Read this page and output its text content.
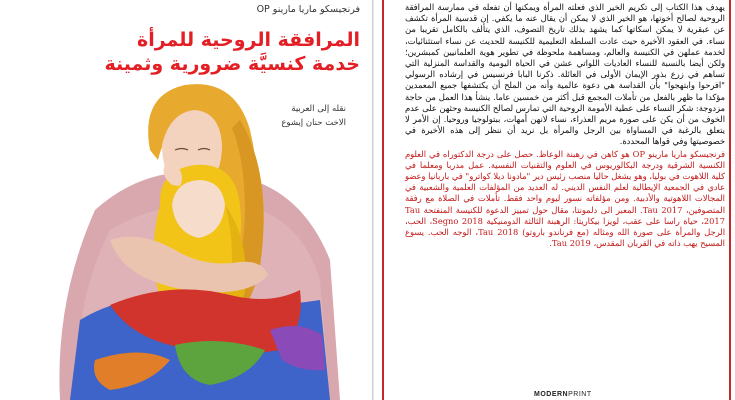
فرنجيسكو ماريا مارينو OP
المرافقة الروحية للمرأة
خدمة كنسيَّة ضرورية وثمينة
نقله إلى العربية
الاخت حنان إيشوع

يهدف هذا الكتاب إلى تكريم الخير الذي فعلته المرأة ويمكنها أن تفعله في ممارسة المرافقة الروحية لصالح أخوتها، هو الخير الذي لا يمكن أن يقال عنه ما يكفي. إن قدسية المرأة تكشف عن عبقرية لا يمكن اسكاتها كما يشهد بذلك تاريخ التصوف، الذي يتألف بالكامل تقريبا من نساء. في العقود الأخيرة حيث عادت السلطة التعليمية للكنيسة للحديث عن نساء استثنائيات، لخدمة عملهن في الكنيسة والعالم، ومساهمة ملحوظة في تطوير هوية العلمانيين كمبشرين؛ ولكن أيضا بالنسبة للنساء العاديات اللواتي عشن في الحياة اليومية والقداسة المنزلية التي تساهم في زرع بذور الإيمان الأولى في العائلة. ذكرنا البابا فرنسيس في إرشاده الرسولي "افرحوا وابتهجوا" بأن القداسة هي دعوة عالمية وأنه من الملح أن يكتشفها جميع المعمدين مؤكدا ما ظهر بالفعل من تأملات المجمع قبل أكثر من خمسين عاما. ينشأ هذا العمل من حاجة مزدوجة: شكر النساء على عطية الأمومة الروحية التي تمارس لصالح الكنيسة وحثهن على عدم الخوف من أن يكن على صورة مريم العذراء، نساء لانهن أمهات، ببتولوجيا وروحيا. إن الأمر لا يتعلق بالرغبة في المساواة بين الرجل والمرأة بل نريد أن ننظر إلى هذه الأخيرة في خصوصيتها وفي قواها المحددة.

فرنجيسكو ماريا مارينو OP هو كاهن في رهبنة الوعاظ. حصل على درجة الدكتوراه في العلوم الكنسية الشرقية ودرجة البكالوريوس في العلوم والتقنيات النفسية. عمل مدربا ومعلما في كلية اللاهوت في بوليا، وهو يشغل حاليا منصب رئيس دير "مادونا ديلا كواترو" في باربانيا وعضو عادي في الجمعية الإيطالية لعلم النفس الديني. له العديد من المؤلفات العلمية والشعبية في المجالات اللاهوتية والأدبية. ومن مؤلفاته نسور ليوم واحد فقط. تأملات في الصلاة مع رفقة المتصوفين، Tau 2017. المعبر الى دلمونتا، مقال حول تمييز الدعوة للكنيسة المنفتحة Tau 2017، حياة راسا على عقب، لويزا بيكاريتا: الرهبنة الثالثة الدومنيكية Segno 2018، الحب، الرجل والمرأة على صورة الله ومثاله (مع فرناندو باروتو) Tau 2018، الوجه الحب. يسوع المسيح يهب ذاته في القربان المقدس، Tau 2019.

MODERNPRINT
